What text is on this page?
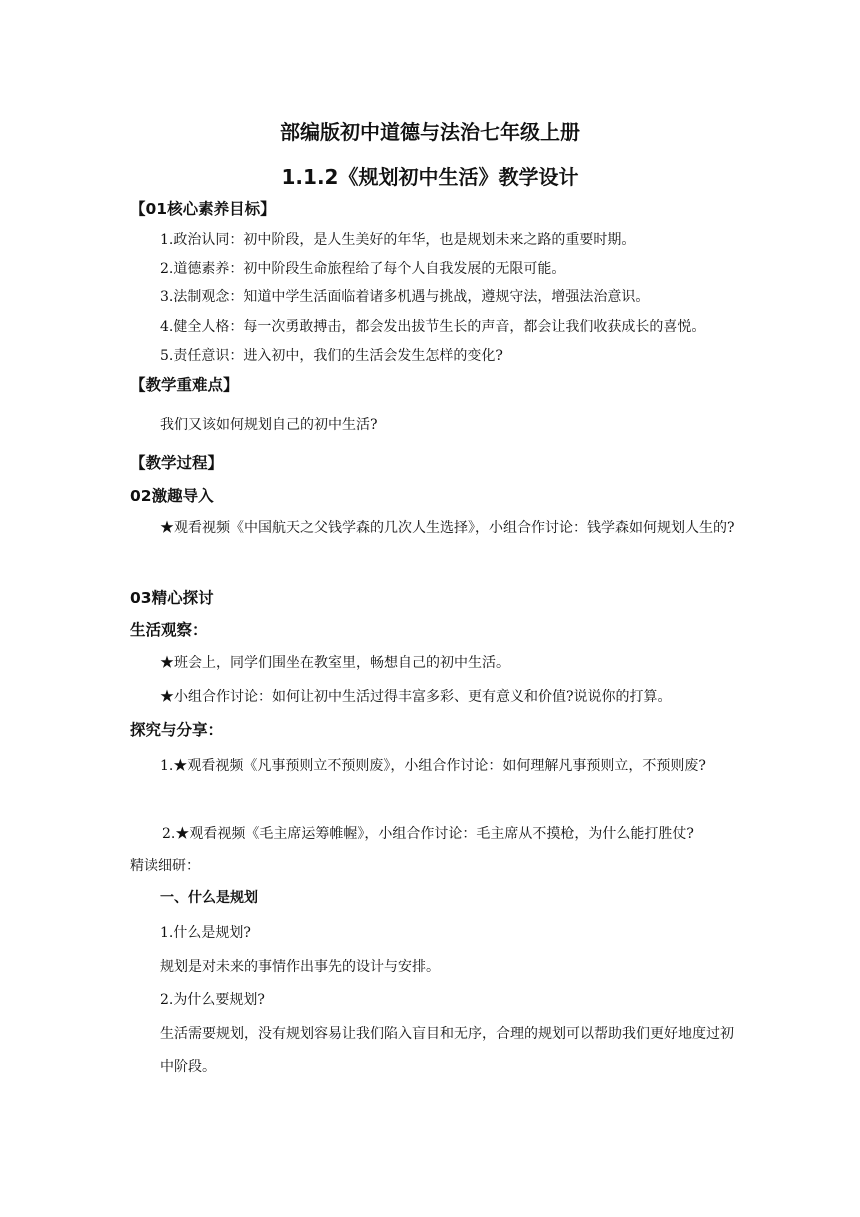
部编版初中道德与法治七年级上册
1.1.2《规划初中生活》教学设计
【01核心素养目标】
1.政治认同：初中阶段，是人生美好的年华，也是规划未来之路的重要时期。
2.道德素养：初中阶段生命旅程给了每个人自我发展的无限可能。
3.法制观念：知道中学生活面临着诸多机遇与挑战，遵规守法，增强法治意识。
4.健全人格：每一次勇敢搏击，都会发出拔节生长的声音，都会让我们收获成长的喜悦。
5.责任意识：进入初中，我们的生活会发生怎样的变化?
【教学重难点】
我们又该如何规划自己的初中生活?
【教学过程】
02激趣导入
★观看视频《中国航天之父钱学森的几次人生选择》，小组合作讨论：钱学森如何规划人生的?
03精心探讨
生活观察：
★班会上，同学们围坐在教室里，畅想自己的初中生活。
★小组合作讨论：如何让初中生活过得丰富多彩、更有意义和价值?说说你的打算。
探究与分享：
1.★观看视频《凡事预则立不预则废》，小组合作讨论：如何理解凡事预则立，不预则废?
2.★观看视频《毛主席运筹帷幄》，小组合作讨论：毛主席从不摸枪，为什么能打胜仗?
精读细研：
一、什么是规划
1.什么是规划?
规划是对未来的事情作出事先的设计与安排。
2.为什么要规划?
生活需要规划，没有规划容易让我们陷入盲目和无序，合理的规划可以帮助我们更好地度过初中阶段。
